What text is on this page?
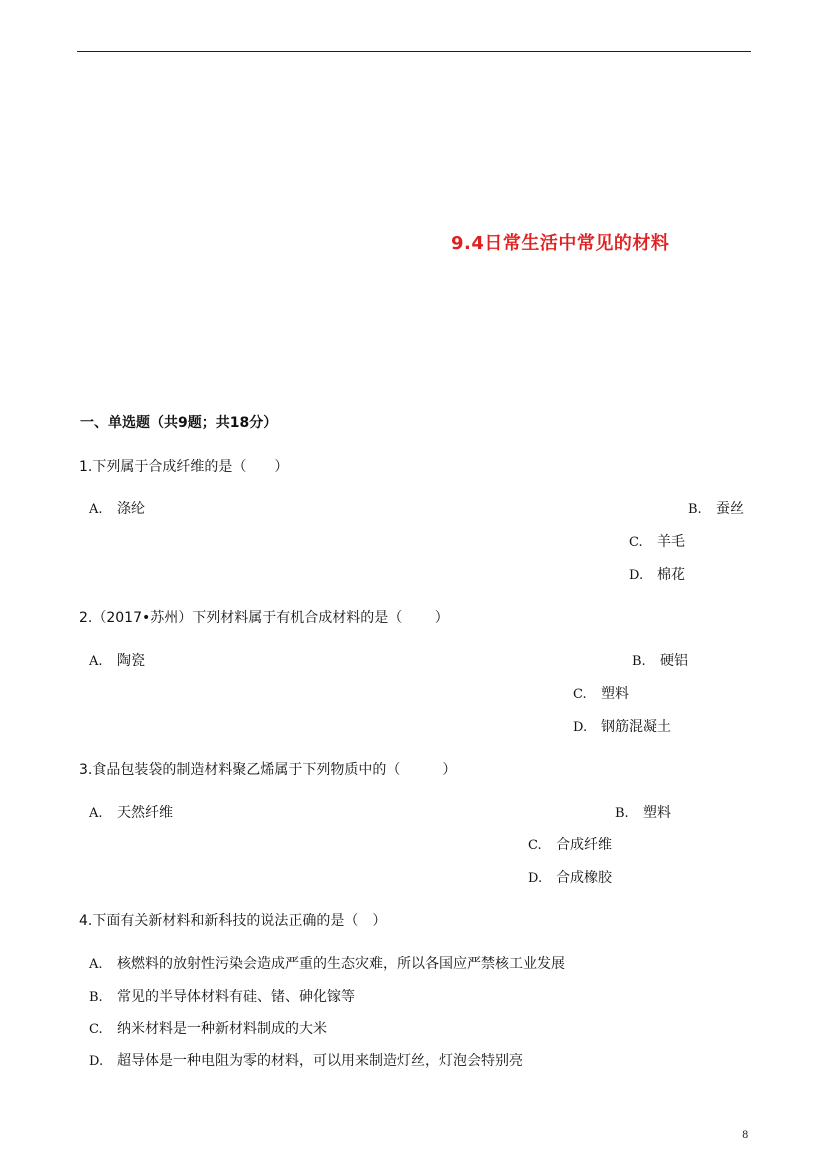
9.4日常生活中常见的材料
一、单选题（共9题；共18分）
1.下列属于合成纤维的是（　　）
A. 涤纶	B. 蚕丝
C. 羊毛
D. 棉花
2.（2017•苏州）下列材料属于有机合成材料的是（　　 ）
A. 陶瓷	B. 硬铝
C. 塑料
D. 钢筋混凝土
3.食品包装袋的制造材料聚乙烯属于下列物质中的（　　　）
A. 天然纤维	B. 塑料
C. 合成纤维
D. 合成橡胶
4.下面有关新材料和新科技的说法正确的是（　）
A. 核燃料的放射性污染会造成严重的生态灾难，所以各国应严禁核工业发展
B. 常见的半导体材料有硅、锗、砷化镓等
C. 纳米材料是一种新材料制成的大米
D. 超导体是一种电阻为零的材料，可以用来制造灯丝，灯泡会特别亮
8
